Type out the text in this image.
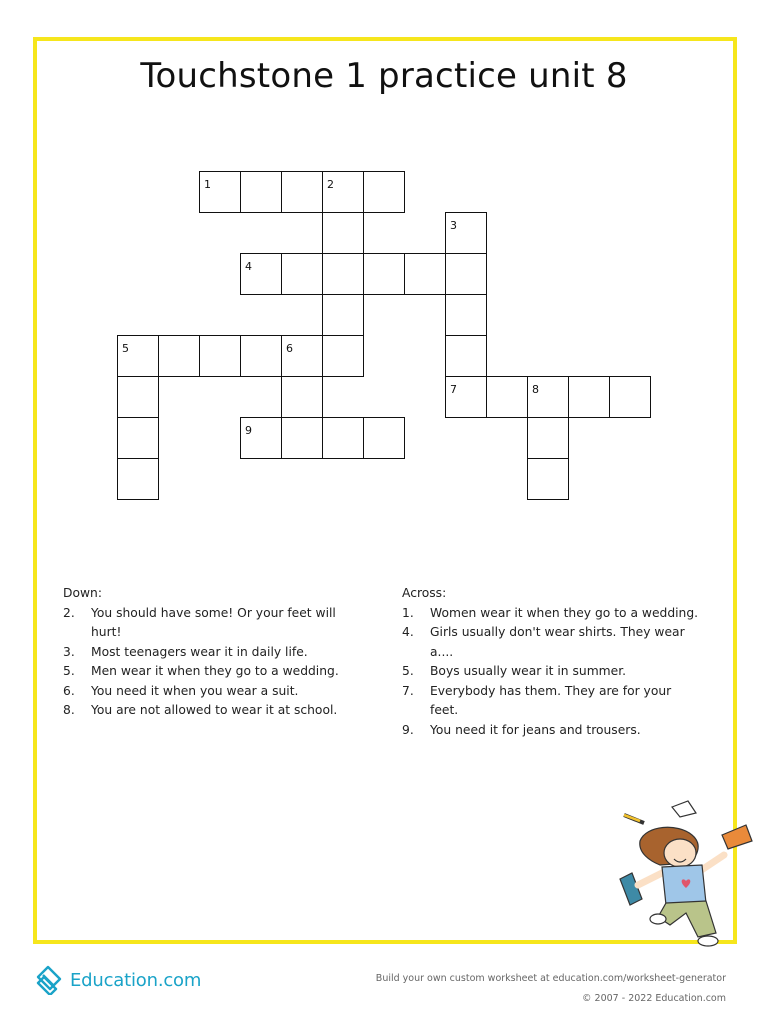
Touchstone 1 practice unit 8
1	2
4
5	6
7	8
9
3
Down:
2.	You should have some! Or your feet will hurt!
3.	Most teenagers wear it in daily life.
5.	Men wear it when they go to a wedding.
6.	You need it when you wear a suit.
8.	You are not allowed to wear it at school.
Across:
1.	Women wear it when they go to a wedding.
4.	Girls usually don't wear shirts. They wear a....
5.	Boys usually wear it in summer.
7.	Everybody has them. They are for your feet.
9.	You need it for jeans and trousers.
Education.com	Build your own custom worksheet at education.com/worksheet-generator
© 2007 - 2022 Education.com
